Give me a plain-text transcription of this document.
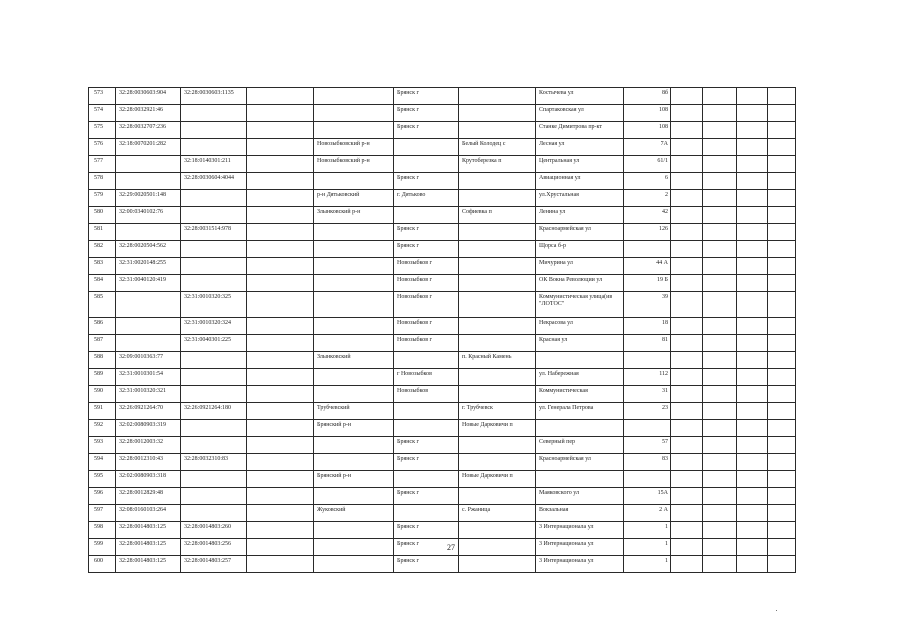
573	32:28:0030603:904	32:28:0030603:1135			Брянск г		Костычева ул	8б				
574	32:28:0032921:46				Брянск г		Спартаковская ул	108				
575	32:28:0032707:236				Брянск г		Станке Димитрова пр-кт	108				
576	32:18:0070201:282			Новозыбковский р-н		Белый Колодец с	Лесная ул	7А				
577		32:18:0140301:211		Новозыбковский р-н		Крутоберезка п	Центральная ул	61/1				
578		32:28:0030604:4044			Брянск г		Авиационная ул	6				
579	32:29:0020501:148			р-н Дятьковский	г. Дятьково		ул.Хрустальная	2				
580	32:00:0340102:76			Злынковский р-н		Софиевка п	Ленина ул	42				
581		32:28:0031514:978			Брянск г		Красноармейская ул	126				
582	32:28:0020504:562				Брянск г		Щорса б-р					
583	32:31:0020148:255				Новозыбков г		Мичурина ул	44 А				
584	32:31:0040120:419				Новозыбков г		ОК Вокна Революции ул	19 Б				
585		32:31:0010320:325			Новозыбков г		Коммунистическая улица(ив "ЛОТОС"	39				
586		32:31:0010320:324			Новозыбков г		Некрасова ул	18				
587		32:31:0040301:225			Новозыбков г		Красная ул	81				
588	32:09:0010363:77			Злынковский		п. Красный Камень						
589	32:31:0010301:54				г Новозыбков		ул. Набережная	112				
590	32:31:0010320:321				Новозыбков		Коммунистическая	31				
591	32:26:0921264:70	32:26:0921264:180		Трубчевский		г. Трубчевск	ул. Генерала Петрова	23				
592	32:02:0080903:319			Брянский р-н		Новые Дарковичи п						
593	32:28:0012003:32				Брянск г		Северный пер	57				
594	32:28:0012310:43	32:28:0032310:83			Брянск г		Красноармейская ул	83				
595	32:02:0080903:318			Брянский р-н		Новые Дарковичи п						
596	32:28:0012829:48				Брянск г		Маяковского ул	15А				
597	32:08:0160103:264			Жуковский		с. Ржаница	Вокзальная	2 А				
598	32:28:0014803:125	32:28:0014803:260			Брянск г		3 Интернационала ул	1				
599	32:28:0014803:125	32:28:0014803:256			Брянск г		3 Интернационала ул	1				
600	32:28:0014803:125	32:28:0014803:257			Брянск г		3 Интернационала ул	1				
27
